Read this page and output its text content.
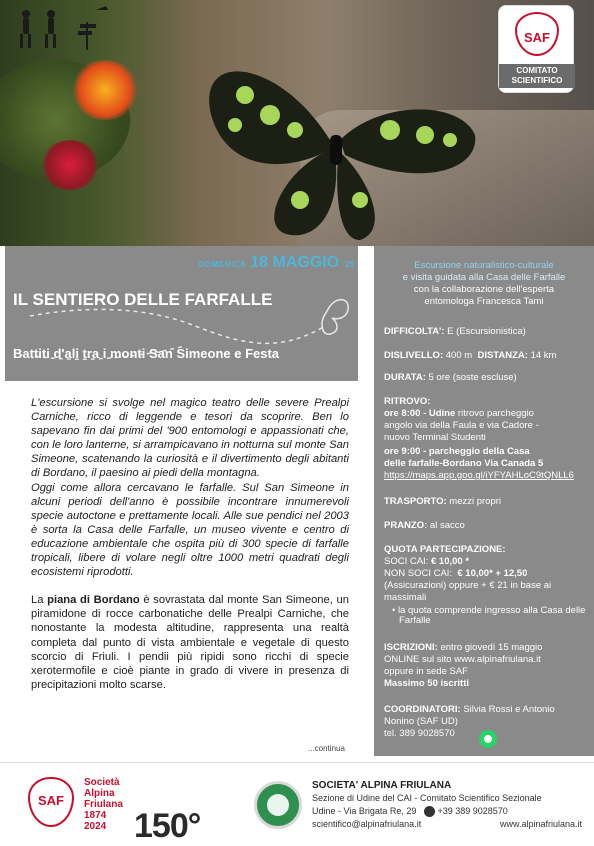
SAF
COMITATO
SCIENTIFICO
DOMENICA 18 MAGGIO '25
IL SENTIERO DELLE FARFALLE
Battiti d'ali tra i monti San Simeone e Festa
Escursione naturalistico-culturale
e visita guidata alla Casa delle Farfalle
con la collaborazione dell'esperta
entomologa Francesca Tami
DIFFICOLTA': E (Escursionistica)
DISLIVELLO: 400 m DISTANZA: 14 km
DURATA: 5 ore (soste escluse)
RITROVO:
ore 8:00 - Udine ritrovo parcheggio
angolo via della Faula e via Cadore -
nuovo Terminal Studenti
ore 9:00 - parcheggio della Casa
delle farfalle-Bordano Via Canada 5
https://maps.app.goo.gl/iYFYAHLoC9tQNLL6
TRASPORTO: mezzi propri
PRANZO: al sacco
QUOTA PARTECIPAZIONE:
SOCI CAI: € 10,00 *
NON SOCI CAI: € 10,00* + 12,50
(Assicurazioni) oppure + € 21 in base ai
massimali
• la quota comprende ingresso alla Casa delle
Farfalle
ISCRIZIONI: entro giovedì 15 maggio
ONLINE sul sito www.alpinafriulana.it
oppure in sede SAF
Massimo 50 iscritti
COORDINATORI: Silvia Rossi e Antonio
Nonino (SAF UD)
tel. 389 9028570

L'escursione si svolge nel magico teatro delle severe Prealpi Carniche, ricco di leggende e tesori da scoprire. Ben lo sapevano fin dai primi del '900 entomologi e appassionati che, con le loro lanterne, si arrampicavano in notturna sul monte San Simeone, scatenando la curiosità e il divertimento degli abitanti di Bordano, il paesino ai piedi della montagna.

Oggi come allora cercavano le farfalle. Sul San Simeone in alcuni periodi dell'anno è possibile incontrare innumerevoli specie autoctone e prettamente locali. Alle sue pendici nel 2003 è sorta la Casa delle Farfalle, un museo vivente e centro di educazione ambientale che ospita più di 300 specie di farfalle tropicali, libere di volare negli oltre 1000 metri quadrati degli ecosistemi riprodotti.

La piana di Bordano è sovrastata dal monte San Simeone, un piramidone di rocce carbonatiche delle Prealpi Carniche, che nonostante la modesta altitudine, rappresenta una realtà completa dal punto di vista ambientale e vegetale di questo scorcio di Friuli. I pendii più ripidi sono ricchi di specie xerotermofile e cioè piante in grado di vivere in presenza di precipitazioni molto scarse.

...continua
SAF
Società
Alpina
Friulana
1874
2024 150°
SOCIETA' ALPINA FRIULANA
Sezione di Udine del CAI - Comitato Scientifico Sezionale
Udine - Via Brigata Re, 29 +39 389 9028570
scientifico@alpinafriulana.it	www.alpinafriulana.it
